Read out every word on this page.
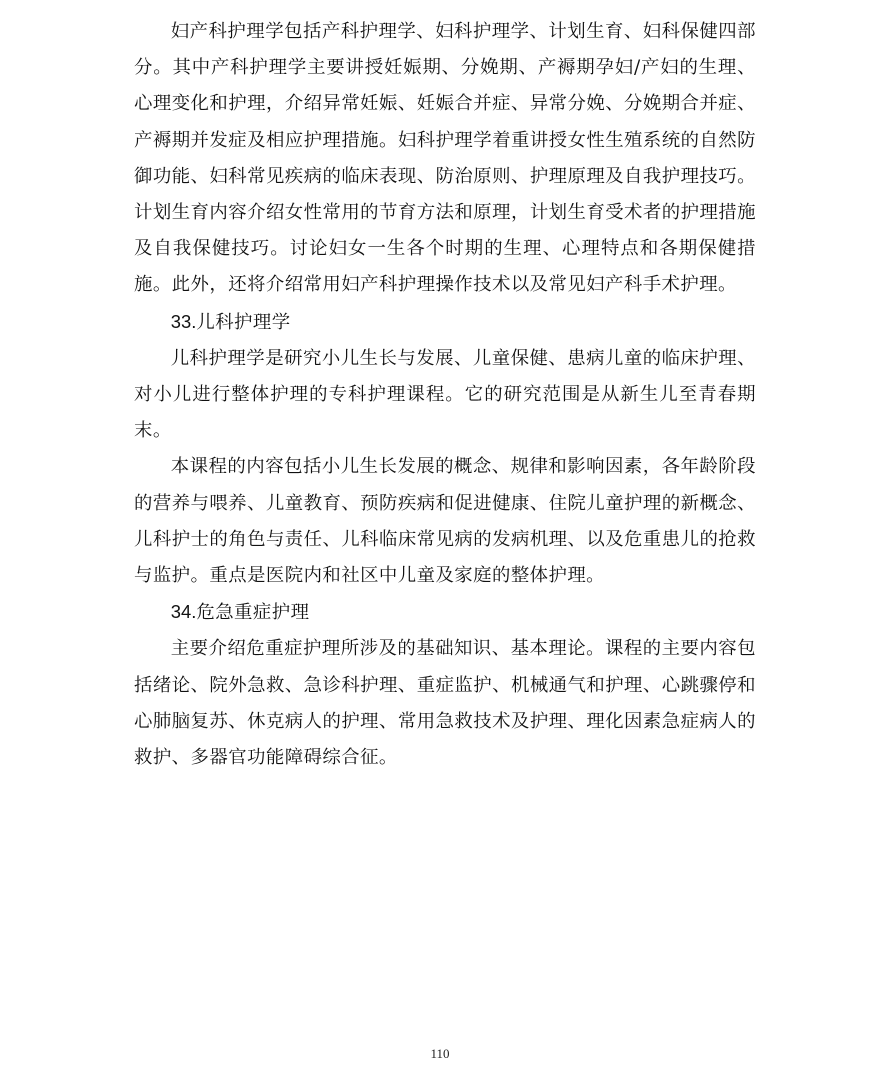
妇产科护理学包括产科护理学、妇科护理学、计划生育、妇科保健四部分。其中产科护理学主要讲授妊娠期、分娩期、产褥期孕妇/产妇的生理、心理变化和护理，介绍异常妊娠、妊娠合并症、异常分娩、分娩期合并症、产褥期并发症及相应护理措施。妇科护理学着重讲授女性生殖系统的自然防御功能、妇科常见疾病的临床表现、防治原则、护理原理及自我护理技巧。计划生育内容介绍女性常用的节育方法和原理，计划生育受术者的护理措施及自我保健技巧。讨论妇女一生各个时期的生理、心理特点和各期保健措施。此外，还将介绍常用妇产科护理操作技术以及常见妇产科手术护理。

33.儿科护理学

儿科护理学是研究小儿生长与发展、儿童保健、患病儿童的临床护理、对小儿进行整体护理的专科护理课程。它的研究范围是从新生儿至青春期末。

本课程的内容包括小儿生长发展的概念、规律和影响因素，各年龄阶段的营养与喂养、儿童教育、预防疾病和促进健康、住院儿童护理的新概念、儿科护士的角色与责任、儿科临床常见病的发病机理、以及危重患儿的抢救与监护。重点是医院内和社区中儿童及家庭的整体护理。

34.危急重症护理

主要介绍危重症护理所涉及的基础知识、基本理论。课程的主要内容包括绪论、院外急救、急诊科护理、重症监护、机械通气和护理、心跳骤停和心肺脑复苏、休克病人的护理、常用急救技术及护理、理化因素急症病人的救护、多器官功能障碍综合征。

110
